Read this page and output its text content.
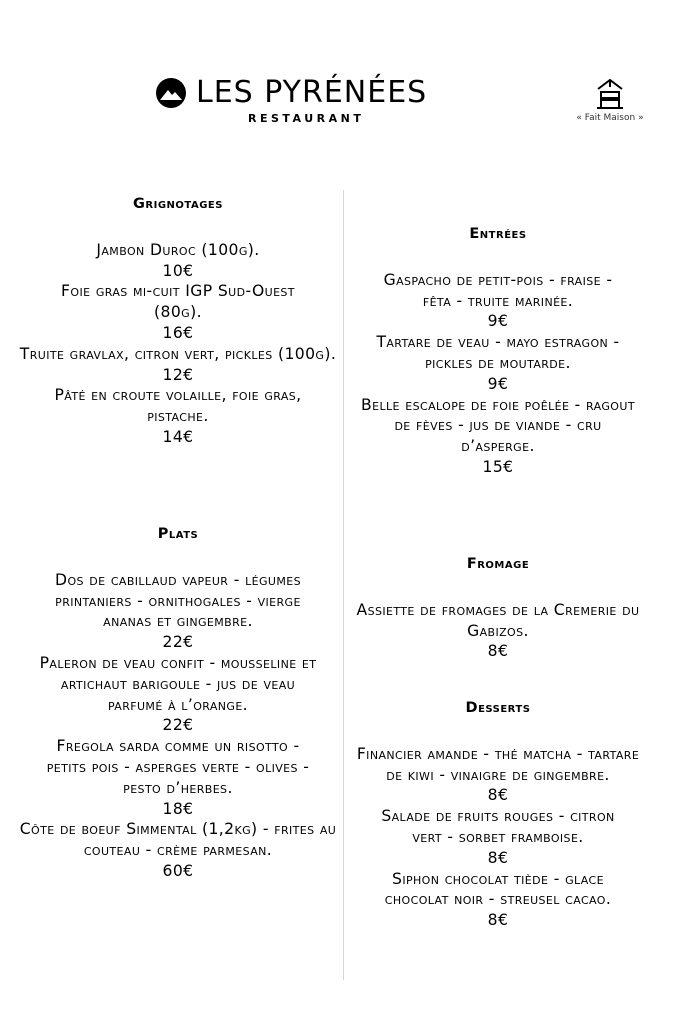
LES PYRÉNÉES
RESTAURANT	« Fait Maison »
Grignotages
Jambon Duroc (100g).
10€
Foie gras mi-cuit IGP Sud-Ouest (80g).
16€
Truite gravlax, citron vert, pickles (100g).
12€
Pâté en croute volaille, foie gras, pistache.
14€
Plats
Dos de cabillaud vapeur - légumes printaniers - ornithogales - vierge ananas et gingembre.
22€
Paleron de veau confit - mousseline et artichaut barigoule - jus de veau parfumé à l’orange.
22€
Fregola sarda comme un risotto - petits pois - asperges verte - olives - pesto d’herbes.
18€
Côte de boeuf Simmental (1,2kg) - frites au couteau - crème parmesan.
60€
Entrées
Gaspacho de petit-pois - fraise - fêta - truite marinée.
9€
Tartare de veau - mayo estragon - pickles de moutarde.
9€
Belle escalope de foie poêlée - ragout de fèves - jus de viande - cru d’asperge.
15€
Fromage
Assiette de fromages de la Cremerie du Gabizos.
8€
Desserts
Financier amande - thé matcha - tartare de kiwi - vinaigre de gingembre.
8€
Salade de fruits rouges - citron vert - sorbet framboise.
8€
Siphon chocolat tiède - glace chocolat noir - streusel cacao.
8€
